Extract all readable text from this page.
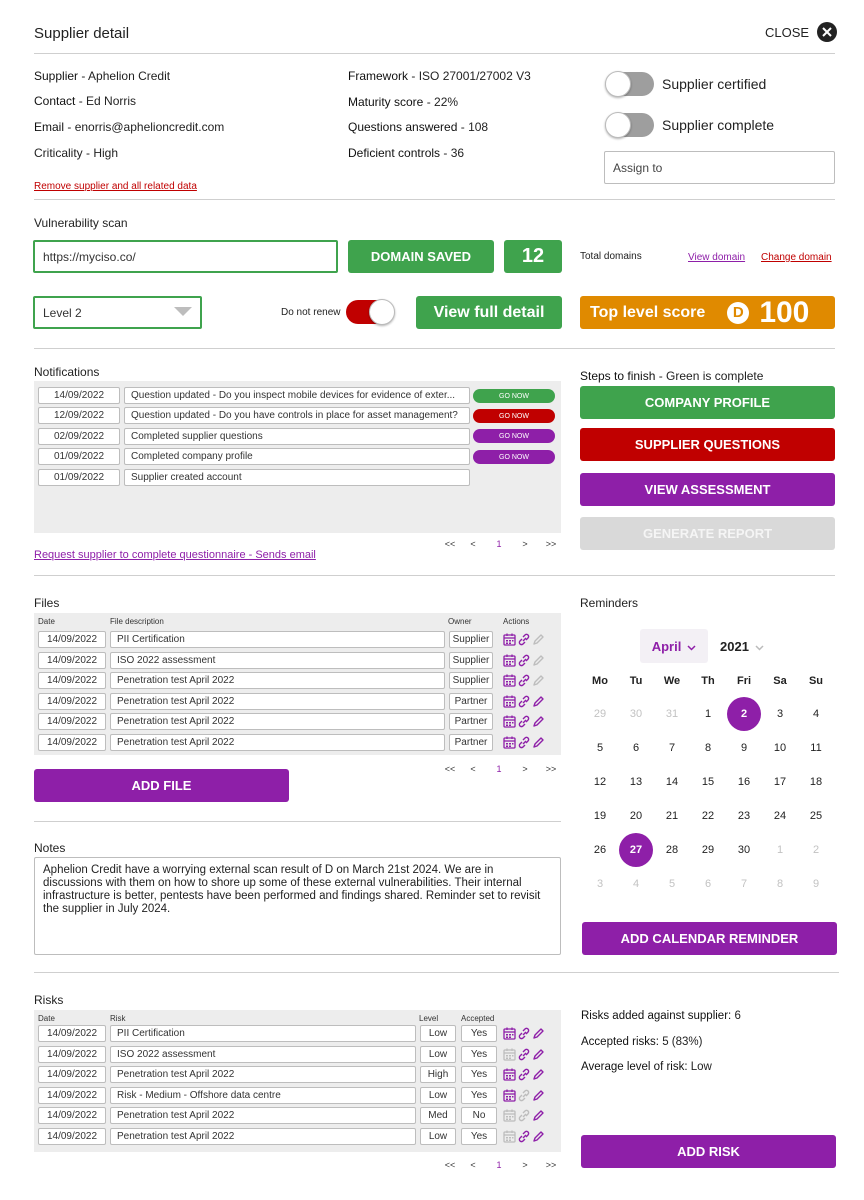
Supplier detail	CLOSE
Supplier - Aphelion Credit
Contact - Ed Norris
Email - enorris@aphelioncredit.com
Criticality - High
Remove supplier and all related data
Framework - ISO 27001/27002 V3
Maturity score - 22%
Questions answered - 108
Deficient controls - 36
Supplier certified
Supplier complete
Assign to
Vulnerability scan
https://myciso.co/	DOMAIN SAVED	12	Total domains	View domain Change domain
Level 2	Do not renew	View full detail	Top level score	D 100
Notifications
14/09/2022	Question updated - Do you inspect mobile devices for evidence of exter...	GO NOW
12/09/2022	Question updated - Do you have controls in place for asset management?	GO NOW
02/09/2022	Completed supplier questions	GO NOW
01/09/2022	Completed company profile	GO NOW
01/09/2022	Supplier created account
<<	<	1	>	>>
Request supplier to complete questionnaire - Sends email
Steps to finish - Green is complete
COMPANY PROFILE
SUPPLIER QUESTIONS
VIEW ASSESSMENT
GENERATE REPORT
Files
Date	File description	Owner	Actions
14/09/2022	PII Certification	Supplier
14/09/2022	ISO 2022 assessment	Supplier
14/09/2022	Penetration test April 2022	Supplier
14/09/2022	Penetration test April 2022	Partner
14/09/2022	Penetration test April 2022	Partner
14/09/2022	Penetration test April 2022	Partner
<<	<	1	>	>>
ADD FILE
Notes
Aphelion Credit have a worrying external scan result of D on March 21st 2024. We are in discussions with them on how to shore up some of these external vulnerabilities. Their internal infrastructure is better, pentests have been performed and findings shared. Reminder set to revisit the supplier in July 2024.
Reminders
April	2021
Mo	Tu	We	Th	Fri	Sa	Su
29	30	31	1	2	3	4
5	6	7	8	9	10	11
12	13	14	15	16	17	18
19	20	21	22	23	24	25
26	27	28	29	30	1	2
3	4	5	6	7	8	9
ADD CALENDAR REMINDER
Risks
Date	Risk	Level	Accepted
14/09/2022	PII Certification	Low	Yes
14/09/2022	ISO 2022 assessment	Low	Yes
14/09/2022	Penetration test April 2022	High	Yes
14/09/2022	Risk - Medium - Offshore data centre	Low	Yes
14/09/2022	Penetration test April 2022	Med	No
14/09/2022	Penetration test April 2022	Low	Yes
<<	<	1	>	>>
Risks added against supplier: 6
Accepted risks: 5 (83%)
Average level of risk: Low
ADD RISK
